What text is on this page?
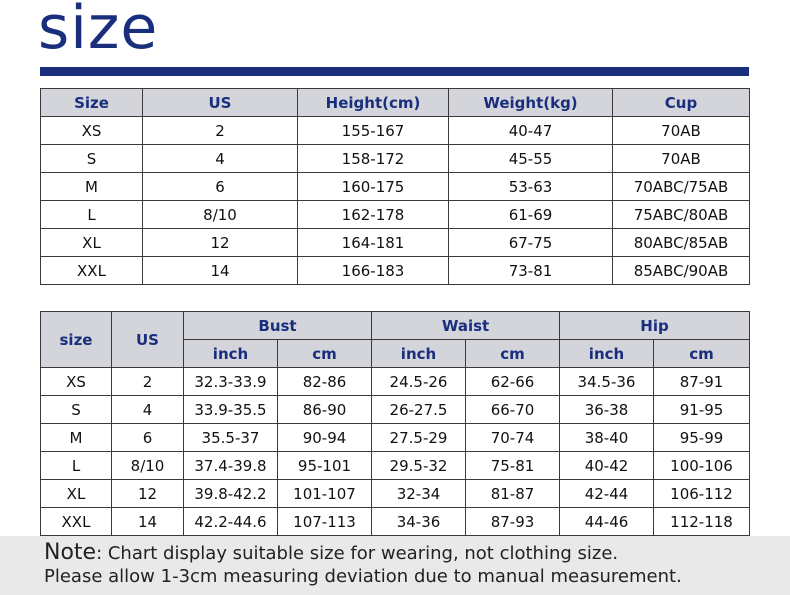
size
Size	US	Height(cm)	Weight(kg)	Cup
XS	2	155-167	40-47	70AB
S	4	158-172	45-55	70AB
M	6	160-175	53-63	70ABC/75AB
L	8/10	162-178	61-69	75ABC/80AB
XL	12	164-181	67-75	80ABC/85AB
XXL	14	166-183	73-81	85ABC/90AB
size	US	Bust		Waist		Hip	
		inch	cm	inch	cm	inch	cm
XS	2	32.3-33.9	82-86	24.5-26	62-66	34.5-36	87-91
S	4	33.9-35.5	86-90	26-27.5	66-70	36-38	91-95
M	6	35.5-37	90-94	27.5-29	70-74	38-40	95-99
L	8/10	37.4-39.8	95-101	29.5-32	75-81	40-42	100-106
XL	12	39.8-42.2	101-107	32-34	81-87	42-44	106-112
XXL	14	42.2-44.6	107-113	34-36	87-93	44-46	112-118
Note: Chart display suitable size for wearing, not clothing size.
Please allow 1-3cm measuring deviation due to manual measurement.
